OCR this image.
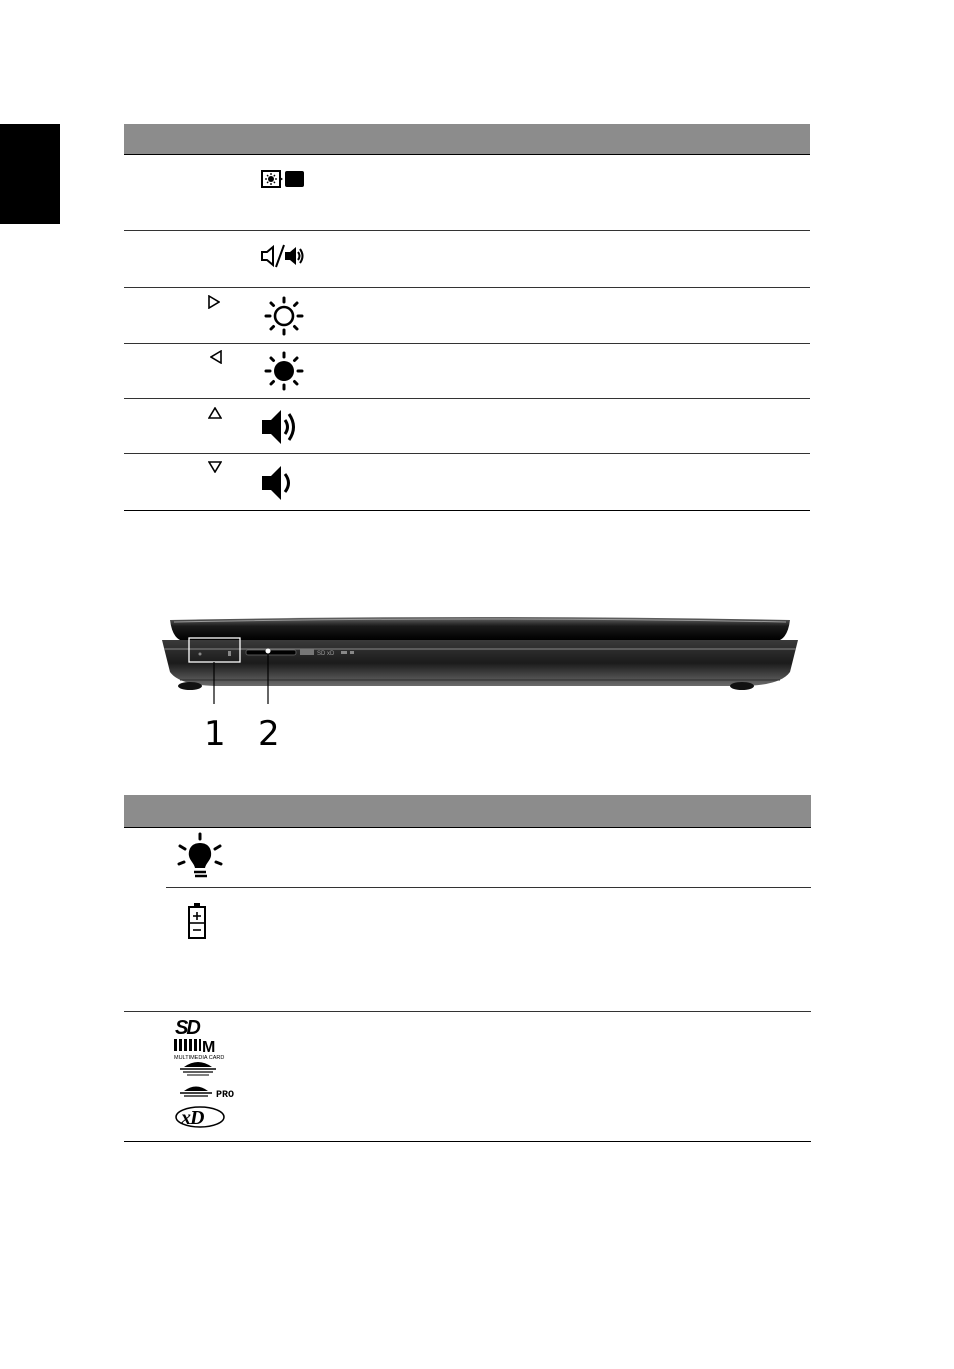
SD xD
1 2
SD
M
MULTIMEDIA CARD
PRO
xD
